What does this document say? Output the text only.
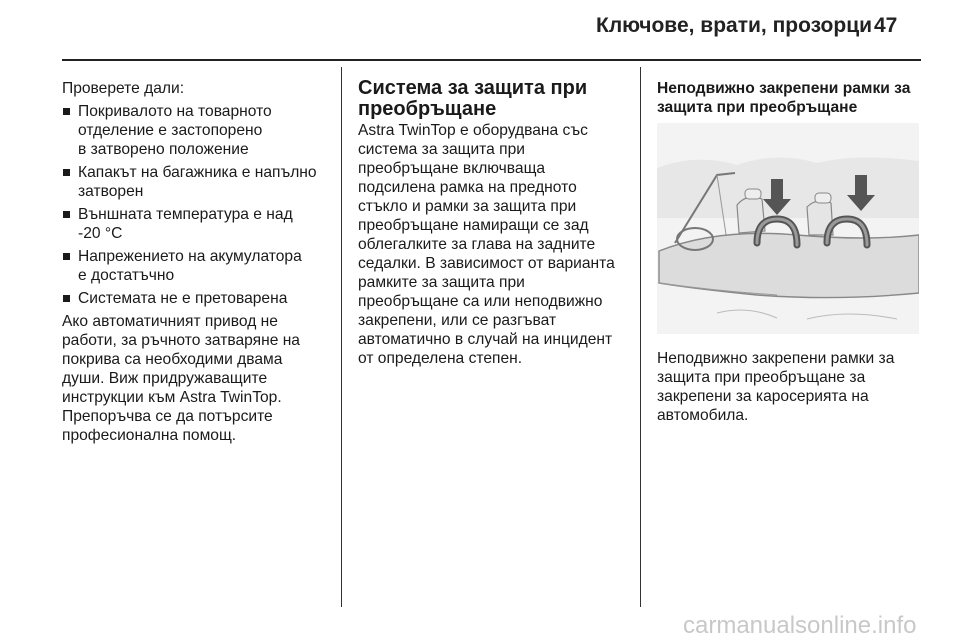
Ключове, врати, прозорци 47

Проверете дали:

Покривалото на товарното
отделение е застопорено
в затворено положение
Капакът на багажника е напълно
затворен
Външната температура е над
-20 °C
Напрежението на акумулатора
е достатъчно
Системата не е претоварена

Ако автоматичният привод не
работи, за ръчното затваряне на
покрива са необходими двама
души. Виж придружаващите
инструкции към Astra TwinTop.
Препоръчва се да потърсите
професионална помощ.

Система за защита при
преобръщане

Astra TwinTop е оборудвана със
система за защита при
преобръщане включваща
подсилена рамка на предното
стъкло и рамки за защита при
преобръщане намиращи се зад
облегалките за глава на задните
седалки. В зависимост от варианта
рамките за защита при
преобръщане са или неподвижно
закрепени, или се разгъват
автоматично в случай на инцидент
от определена степен.

Неподвижно закрепени рамки за
защита при преобръщане

Неподвижно закрепени рамки за
защита при преобръщане за
закрепени за каросерията на
автомобила.

carmanualsonline.info
